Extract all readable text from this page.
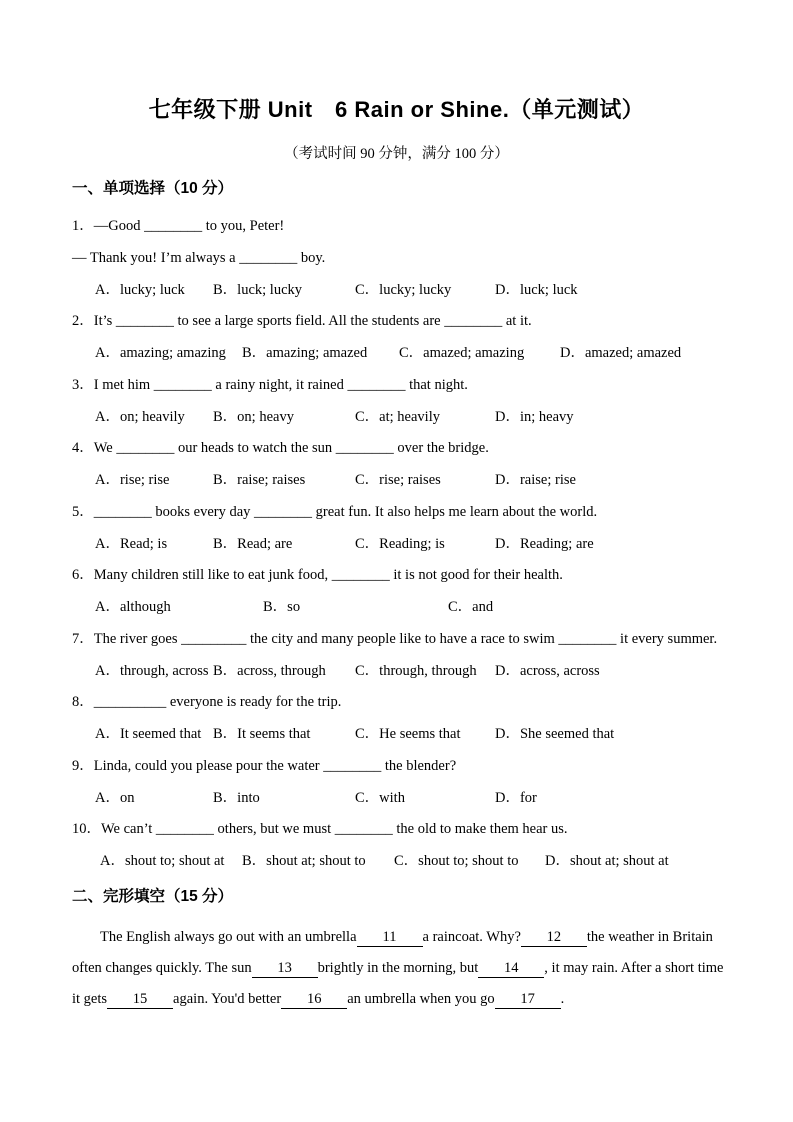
七年级下册 Unit　6 Rain or Shine.（单元测试）
（考试时间 90 分钟，满分 100 分）
一、单项选择（10 分）
1．—Good ________ to you, Peter!
— Thank you! I’m always a ________ boy.
A．lucky; luck B．luck; lucky	C．lucky; lucky	D．luck; luck
2．It’s ________ to see a large sports field. All the students are ________ at it.
A．amazing; amazing B．amazing; amazed C．amazed; amazing D．amazed; amazed
3．I met him ________ a rainy night, it rained ________ that night.
A．on; heavily B．on; heavy	C．at; heavily	D．in; heavy
4．We ________ our heads to watch the sun ________ over the bridge.
A．rise; rise	B．raise; raises	C．rise; raises	D．raise; rise
5．________ books every day ________ great fun. It also helps me learn about the world.
A．Read; is	B．Read; are	C．Reading; is	D．Reading; are
6．Many children still like to eat junk food, ________ it is not good for their health.
A．although	B．so	C．and
7．The river goes _________ the city and many people like to have a race to swim ________ it every summer.
A．through, across B．across, through C．through, through D．across, across
8．__________ everyone is ready for the trip.
A．It seemed that B．It seems that	C．He seems that D．She seemed that
9．Linda, could you please pour the water ________ the blender?
A．on	B．into	C．with	D．for
10．We can’t ________ others, but we must ________ the old to make them hear us.
A．shout to; shout at B．shout at; shout to C．shout to; shout to D．shout at; shout at
二、完形填空（15 分）
The English always go out with an umbrella 11 a raincoat. Why? 12 the weather in Britain
often changes quickly. The sun 13 brightly in the morning, but 14 , it may rain. After a short time
it gets 15 again. You'd better 16 an umbrella when you go 17 .
